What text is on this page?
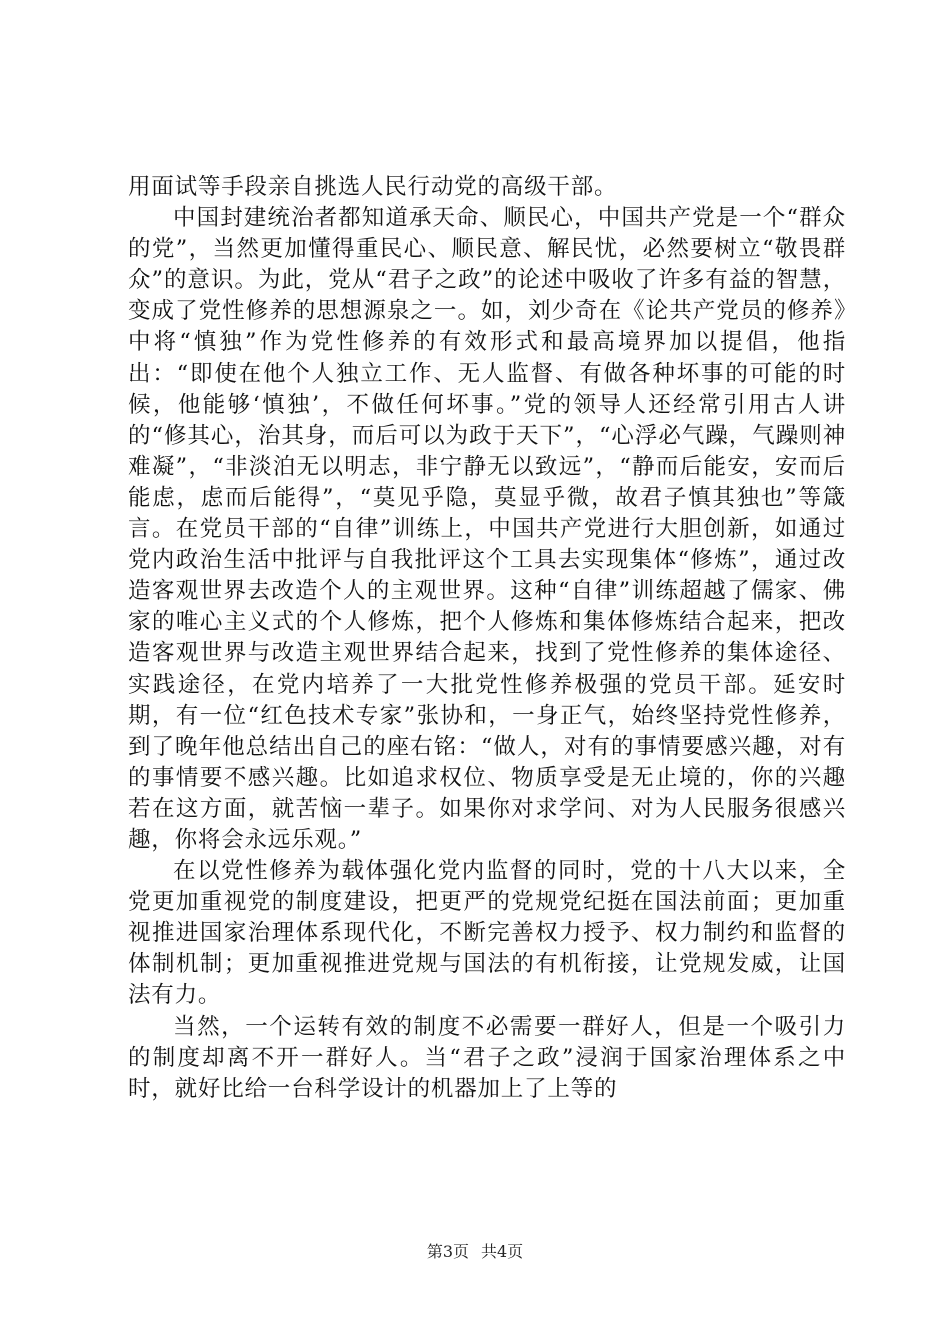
用面试等手段亲自挑选人民行动党的高级干部。

中国封建统治者都知道承天命、顺民心，中国共产党是一个“群众的党”，当然更加懂得重民心、顺民意、解民忧，必然要树立“敬畏群众”的意识。为此，党从“君子之政”的论述中吸收了许多有益的智慧，变成了党性修养的思想源泉之一。如，刘少奇在《论共产党员的修养》中将“慎独”作为党性修养的有效形式和最高境界加以提倡，他指出：“即使在他个人独立工作、无人监督、有做各种坏事的可能的时候，他能够‘慎独’，不做任何坏事。”党的领导人还经常引用古人讲的“修其心，治其身，而后可以为政于天下”，“心浮必气躁，气躁则神难凝”，“非淡泊无以明志，非宁静无以致远”，“静而后能安，安而后能虑，虑而后能得”，“莫见乎隐，莫显乎微，故君子慎其独也”等箴言。在党员干部的“自律”训练上，中国共产党进行大胆创新，如通过党内政治生活中批评与自我批评这个工具去实现集体“修炼”，通过改造客观世界去改造个人的主观世界。这种“自律”训练超越了儒家、佛家的唯心主义式的个人修炼，把个人修炼和集体修炼结合起来，把改造客观世界与改造主观世界结合起来，找到了党性修养的集体途径、实践途径，在党内培养了一大批党性修养极强的党员干部。延安时期，有一位“红色技术专家”张协和，一身正气，始终坚持党性修养，到了晚年他总结出自己的座右铭：“做人，对有的事情要感兴趣，对有的事情要不感兴趣。比如追求权位、物质享受是无止境的，你的兴趣若在这方面，就苦恼一辈子。如果你对求学问、对为人民服务很感兴趣，你将会永远乐观。”

在以党性修养为载体强化党内监督的同时，党的十八大以来，全党更加重视党的制度建设，把更严的党规党纪挺在国法前面；更加重视推进国家治理体系现代化，不断完善权力授予、权力制约和监督的体制机制；更加重视推进党规与国法的有机衔接，让党规发威，让国法有力。

当然，一个运转有效的制度不必需要一群好人，但是一个吸引力的制度却离不开一群好人。当“君子之政”浸润于国家治理体系之中时，就好比给一台科学设计的机器加上了上等的

第3页 共4页
